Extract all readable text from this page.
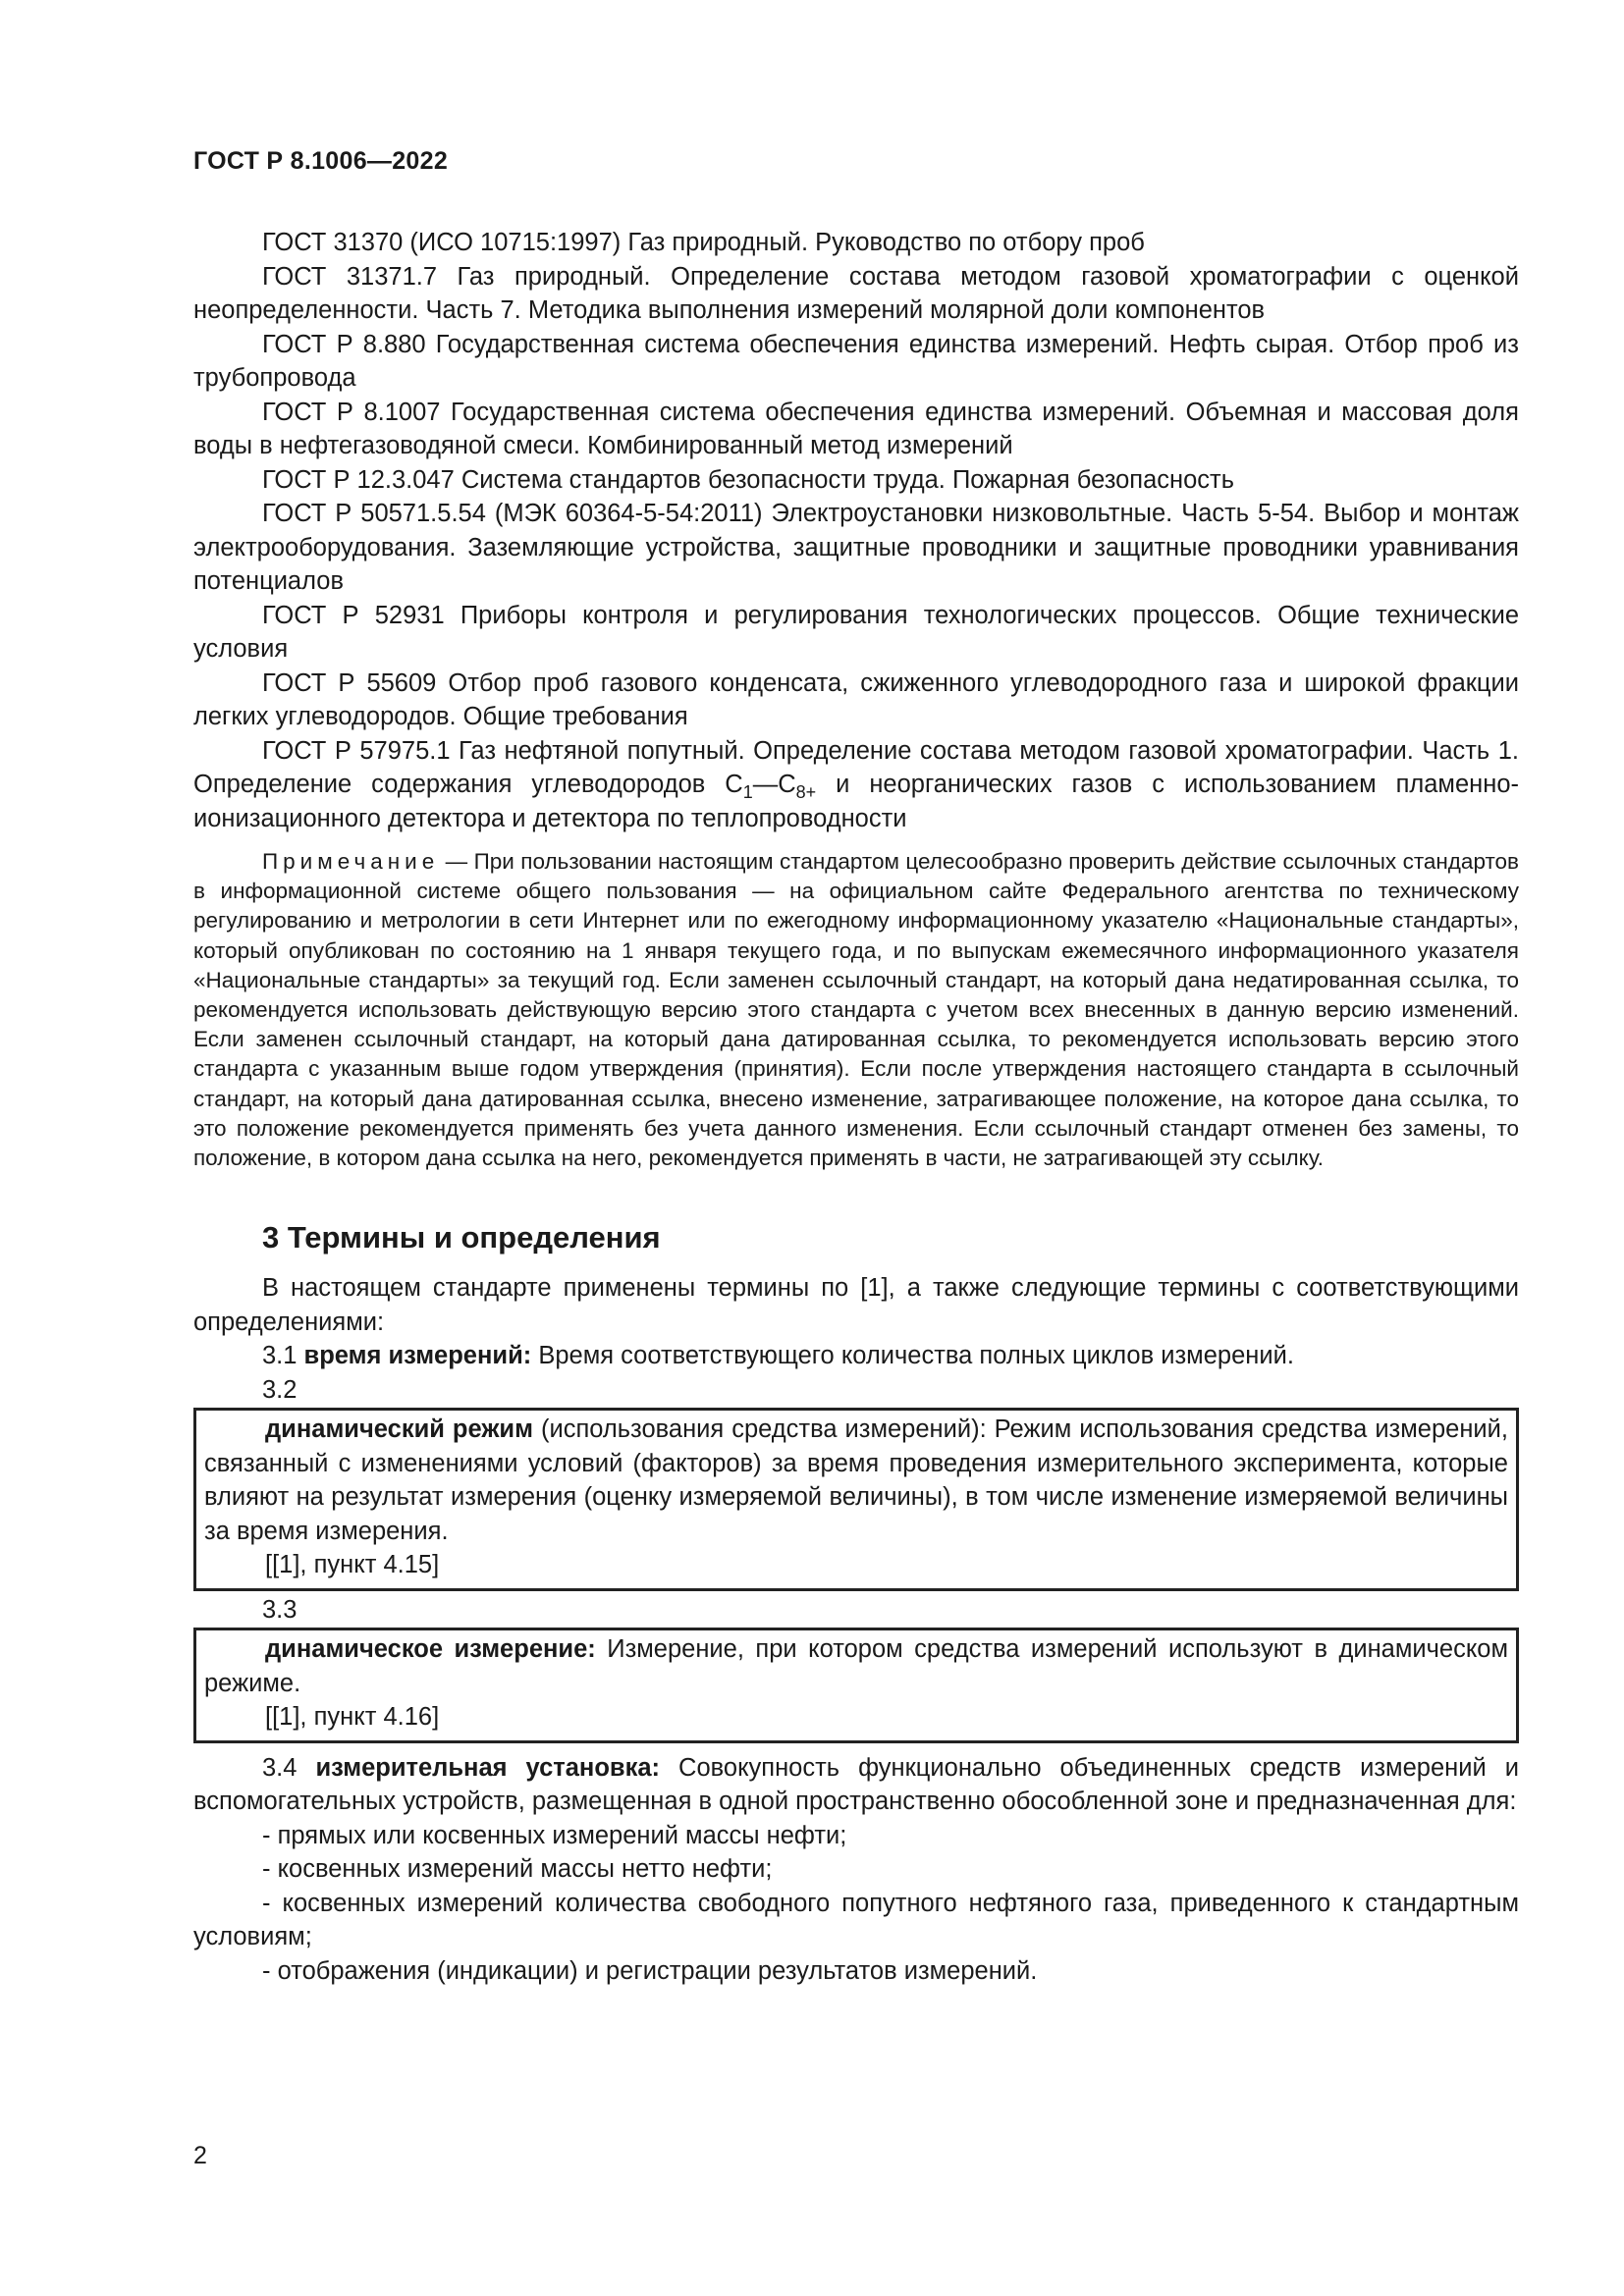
ГОСТ Р 8.1006—2022

ГОСТ 31370 (ИСО 10715:1997) Газ природный. Руководство по отбору проб

ГОСТ 31371.7 Газ природный. Определение состава методом газовой хроматографии с оценкой неопределенности. Часть 7. Методика выполнения измерений молярной доли компонентов

ГОСТ Р 8.880 Государственная система обеспечения единства измерений. Нефть сырая. Отбор проб из трубопровода

ГОСТ Р 8.1007 Государственная система обеспечения единства измерений. Объемная и массовая доля воды в нефтегазоводяной смеси. Комбинированный метод измерений

ГОСТ Р 12.3.047 Система стандартов безопасности труда. Пожарная безопасность

ГОСТ Р 50571.5.54 (МЭК 60364-5-54:2011) Электроустановки низковольтные. Часть 5-54. Выбор и монтаж электрооборудования. Заземляющие устройства, защитные проводники и защитные проводники уравнивания потенциалов

ГОСТ Р 52931 Приборы контроля и регулирования технологических процессов. Общие технические условия

ГОСТ Р 55609 Отбор проб газового конденсата, сжиженного углеводородного газа и широкой фракции легких углеводородов. Общие требования

ГОСТ Р 57975.1 Газ нефтяной попутный. Определение состава методом газовой хроматографии. Часть 1. Определение содержания углеводородов $С_1—С_{8+}$ и неорганических газов с использованием пламенно-ионизационного детектора и детектора по теплопроводности

Примечание — При пользовании настоящим стандартом целесообразно проверить действие ссылочных стандартов в информационной системе общего пользования — на официальном сайте Федерального агентства по техническому регулированию и метрологии в сети Интернет или по ежегодному информационному указателю «Национальные стандарты», который опубликован по состоянию на 1 января текущего года, и по выпускам ежемесячного информационного указателя «Национальные стандарты» за текущий год. Если заменен ссылочный стандарт, на который дана недатированная ссылка, то рекомендуется использовать действующую версию этого стандарта с учетом всех внесенных в данную версию изменений. Если заменен ссылочный стандарт, на который дана датированная ссылка, то рекомендуется использовать версию этого стандарта с указанным выше годом утверждения (принятия). Если после утверждения настоящего стандарта в ссылочный стандарт, на который дана датированная ссылка, внесено изменение, затрагивающее положение, на которое дана ссылка, то это положение рекомендуется применять без учета данного изменения. Если ссылочный стандарт отменен без замены, то положение, в котором дана ссылка на него, рекомендуется применять в части, не затрагивающей эту ссылку.

3 Термины и определения

В настоящем стандарте применены термины по [1], а также следующие термины с соответствующими определениями:

3.1 время измерений: Время соответствующего количества полных циклов измерений.

3.2

динамический режим (использования средства измерений): Режим использования средства измерений, связанный с изменениями условий (факторов) за время проведения измерительного эксперимента, которые влияют на результат измерения (оценку измеряемой величины), в том числе изменение измеряемой величины за время измерения.

[[1], пункт 4.15]

3.3

динамическое измерение: Измерение, при котором средства измерений используют в динамическом режиме.

[[1], пункт 4.16]

3.4 измерительная установка: Совокупность функционально объединенных средств измерений и вспомогательных устройств, размещенная в одной пространственно обособленной зоне и предназначенная для:

- прямых или косвенных измерений массы нефти;

- косвенных измерений массы нетто нефти;

- косвенных измерений количества свободного попутного нефтяного газа, приведенного к стандартным условиям;

- отображения (индикации) и регистрации результатов измерений.

2
